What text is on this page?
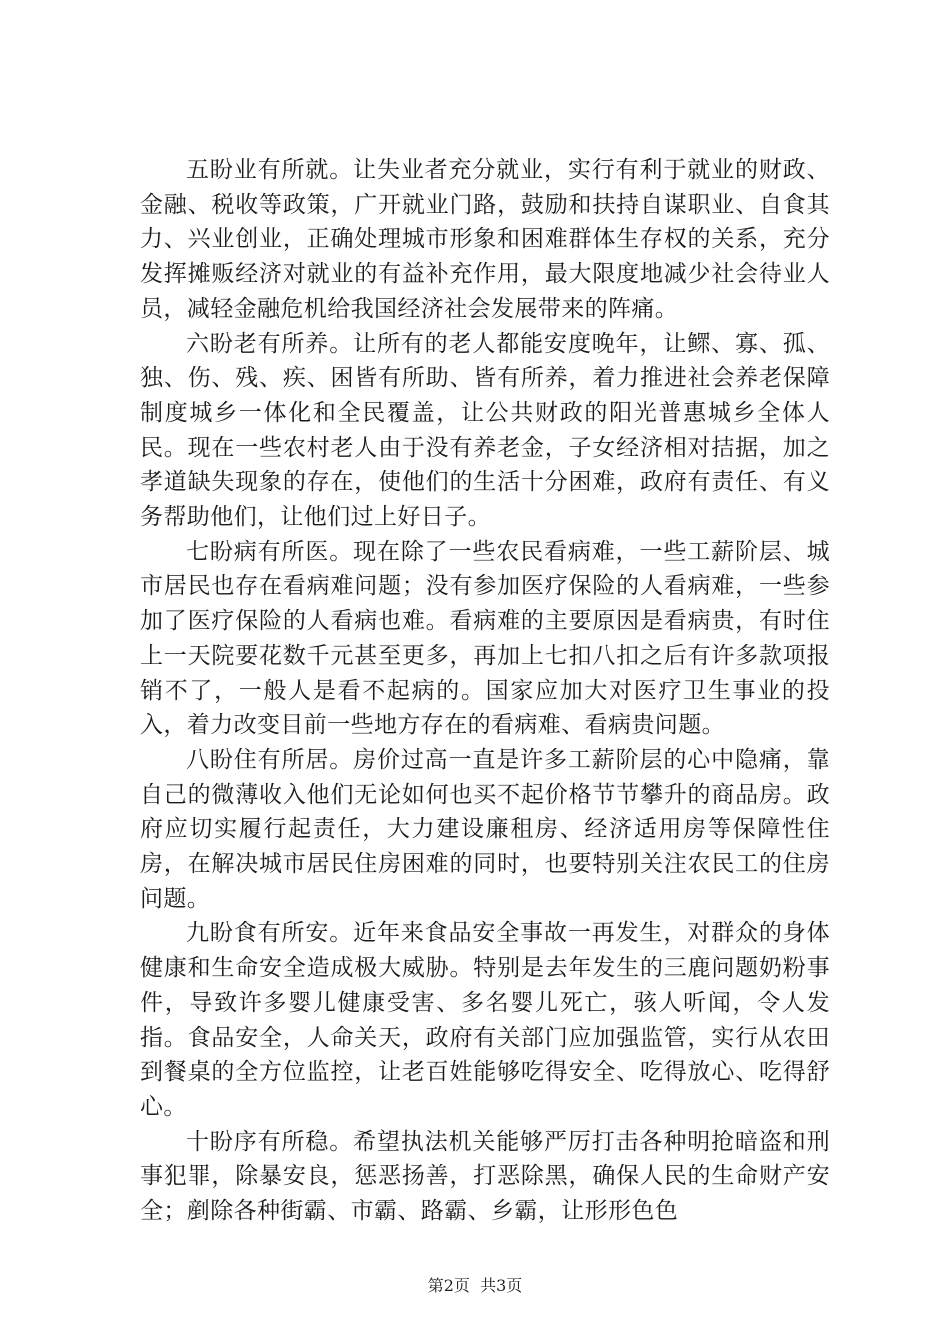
五盼业有所就。让失业者充分就业，实行有利于就业的财政、金融、税收等政策，广开就业门路，鼓励和扶持自谋职业、自食其力、兴业创业，正确处理城市形象和困难群体生存权的关系，充分发挥摊贩经济对就业的有益补充作用，最大限度地减少社会待业人员，减轻金融危机给我国经济社会发展带来的阵痛。

六盼老有所养。让所有的老人都能安度晚年，让鳏、寡、孤、独、伤、残、疾、困皆有所助、皆有所养，着力推进社会养老保障制度城乡一体化和全民覆盖，让公共财政的阳光普惠城乡全体人民。现在一些农村老人由于没有养老金，子女经济相对拮据，加之孝道缺失现象的存在，使他们的生活十分困难，政府有责任、有义务帮助他们，让他们过上好日子。

七盼病有所医。现在除了一些农民看病难，一些工薪阶层、城市居民也存在看病难问题；没有参加医疗保险的人看病难，一些参加了医疗保险的人看病也难。看病难的主要原因是看病贵，有时住上一天院要花数千元甚至更多，再加上七扣八扣之后有许多款项报销不了，一般人是看不起病的。国家应加大对医疗卫生事业的投入，着力改变目前一些地方存在的看病难、看病贵问题。

八盼住有所居。房价过高一直是许多工薪阶层的心中隐痛，靠自己的微薄收入他们无论如何也买不起价格节节攀升的商品房。政府应切实履行起责任，大力建设廉租房、经济适用房等保障性住房，在解决城市居民住房困难的同时，也要特别关注农民工的住房问题。

九盼食有所安。近年来食品安全事故一再发生，对群众的身体健康和生命安全造成极大威胁。特别是去年发生的三鹿问题奶粉事件，导致许多婴儿健康受害、多名婴儿死亡，骇人听闻，令人发指。食品安全，人命关天，政府有关部门应加强监管，实行从农田到餐桌的全方位监控，让老百姓能够吃得安全、吃得放心、吃得舒心。

十盼序有所稳。希望执法机关能够严厉打击各种明抢暗盗和刑事犯罪，除暴安良，惩恶扬善，打恶除黑，确保人民的生命财产安全；剷除各种街霸、市霸、路霸、乡霸，让形形色色

第2页  共3页
